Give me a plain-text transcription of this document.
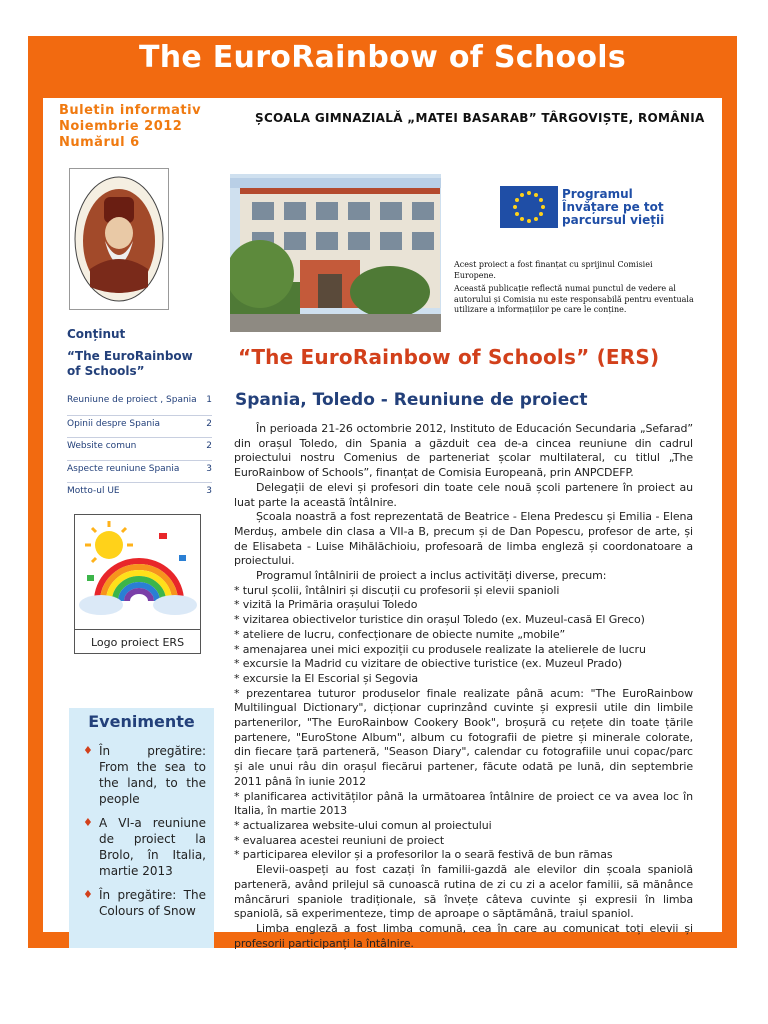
The EuroRainbow of Schools
Buletin informativ
Noiembrie 2012
Numărul 6
Conținut
“The EuroRainbow of Schools”
Reuniune de proiect , Spania 1
Opinii despre Spania	2
Website comun	2
Aspecte reuniune Spania	3
Motto-ul UE	3
Logo proiect ERS
Evenimente
♦ În pregătire: From the sea to the land, to the people
♦ A VI-a reuniune de proiect la Brolo, în Italia, martie 2013
♦ În pregătire: The Colours of Snow
ȘCOALA GIMNAZIALĂ „MATEI BASARAB” TÂRGOVIȘTE, ROMÂNIA
Programul
Învățare pe tot
parcursul vieții
Acest proiect a fost finanțat cu sprijinul Comisiei Europene.
Această publicație reflectă numai punctul de vedere al autorului și Comisia nu este responsabilă pentru eventuala utilizare a informațiilor pe care le conține.
“The EuroRainbow of Schools” (ERS)
Spania, Toledo - Reuniune de proiect

În perioada 21-26 octombrie 2012, Instituto de Educación Secundaria „Sefarad” din orașul Toledo, din Spania a găzduit cea de-a cincea reuniune din cadrul proiectului nostru Comenius de parteneriat școlar multilateral, cu titlul „The EuroRainbow of Schools”, finanțat de Comisia Europeană, prin ANPCDEFP.

Delegații de elevi și profesori din toate cele nouă școli partenere în proiect au luat parte la această întâlnire.

Școala noastră a fost reprezentată de Beatrice - Elena Predescu și Emilia - Elena Merduș, ambele din clasa a VII-a B, precum și de Dan Popescu, profesor de arte, și de Elisabeta - Luise Mihălăchioiu, profesoară de limba engleză și coordonatoare a proiectului.

Programul întâlnirii de proiect a inclus activități diverse, precum:

* turul școlii, întâlniri și discuții cu profesorii și elevii spanioli

* vizită la Primăria orașului Toledo

* vizitarea obiectivelor turistice din orașul Toledo (ex. Muzeul-casă El Greco)

* ateliere de lucru, confecționare de obiecte numite „mobile”

* amenajarea unei mici expoziții cu produsele realizate la atelierele de lucru

* excursie la Madrid cu vizitare de obiective turistice (ex. Muzeul Prado)

* excursie la El Escorial și Segovia

* prezentarea tuturor produselor finale realizate până acum: "The EuroRainbow Multilingual Dictionary", dicționar cuprinzând cuvinte și expresii utile din limbile partenerilor, "The EuroRainbow Cookery Book", broșură cu rețete din toate țările partenere, "EuroStone Album", album cu fotografii de pietre și minerale colorate, din fiecare țară parteneră, "Season Diary", calendar cu fotografiile unui copac/parc și ale unui râu din orașul fiecărui partener, făcute odată pe lună, din septembrie 2011 până în iunie 2012

* planificarea activităților până la următoarea întâlnire de proiect ce va avea loc în Italia, în martie 2013

* actualizarea website-ului comun al proiectului

* evaluarea acestei reuniuni de proiect

* participarea elevilor și a profesorilor la o seară festivă de bun rămas

Elevii-oaspeți au fost cazați în familii-gazdă ale elevilor din școala spaniolă parteneră, având prilejul să cunoască rutina de zi cu zi a acelor familii, să mănânce mâncăruri spaniole tradiționale, să învețe câteva cuvinte și expresii în limba spaniolă, să experimenteze, timp de aproape o săptămână, traiul spaniol.

Limba engleză a fost limba comună, cea în care au comunicat toți elevii și profesorii participanți la întâlnire.
